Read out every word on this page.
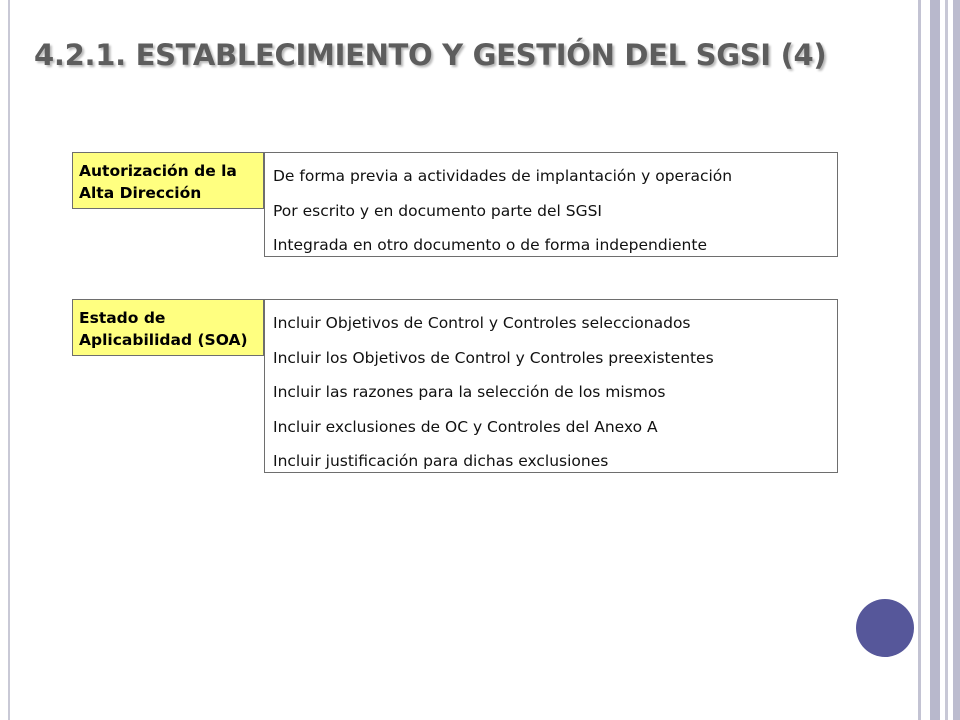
4.2.1. ESTABLECIMIENTO Y GESTIÓN DEL SGSI (4)
Autorización de la
Alta Dirección
De forma previa a actividades de implantación y operación
Por escrito y en documento parte del SGSI
Integrada en otro documento o de forma independiente
Estado de
Aplicabilidad (SOA)
Incluir Objetivos de Control y Controles seleccionados
Incluir los Objetivos de Control y Controles preexistentes
Incluir las razones para la selección de los mismos
Incluir exclusiones de OC y Controles del Anexo A
Incluir justificación para dichas exclusiones
